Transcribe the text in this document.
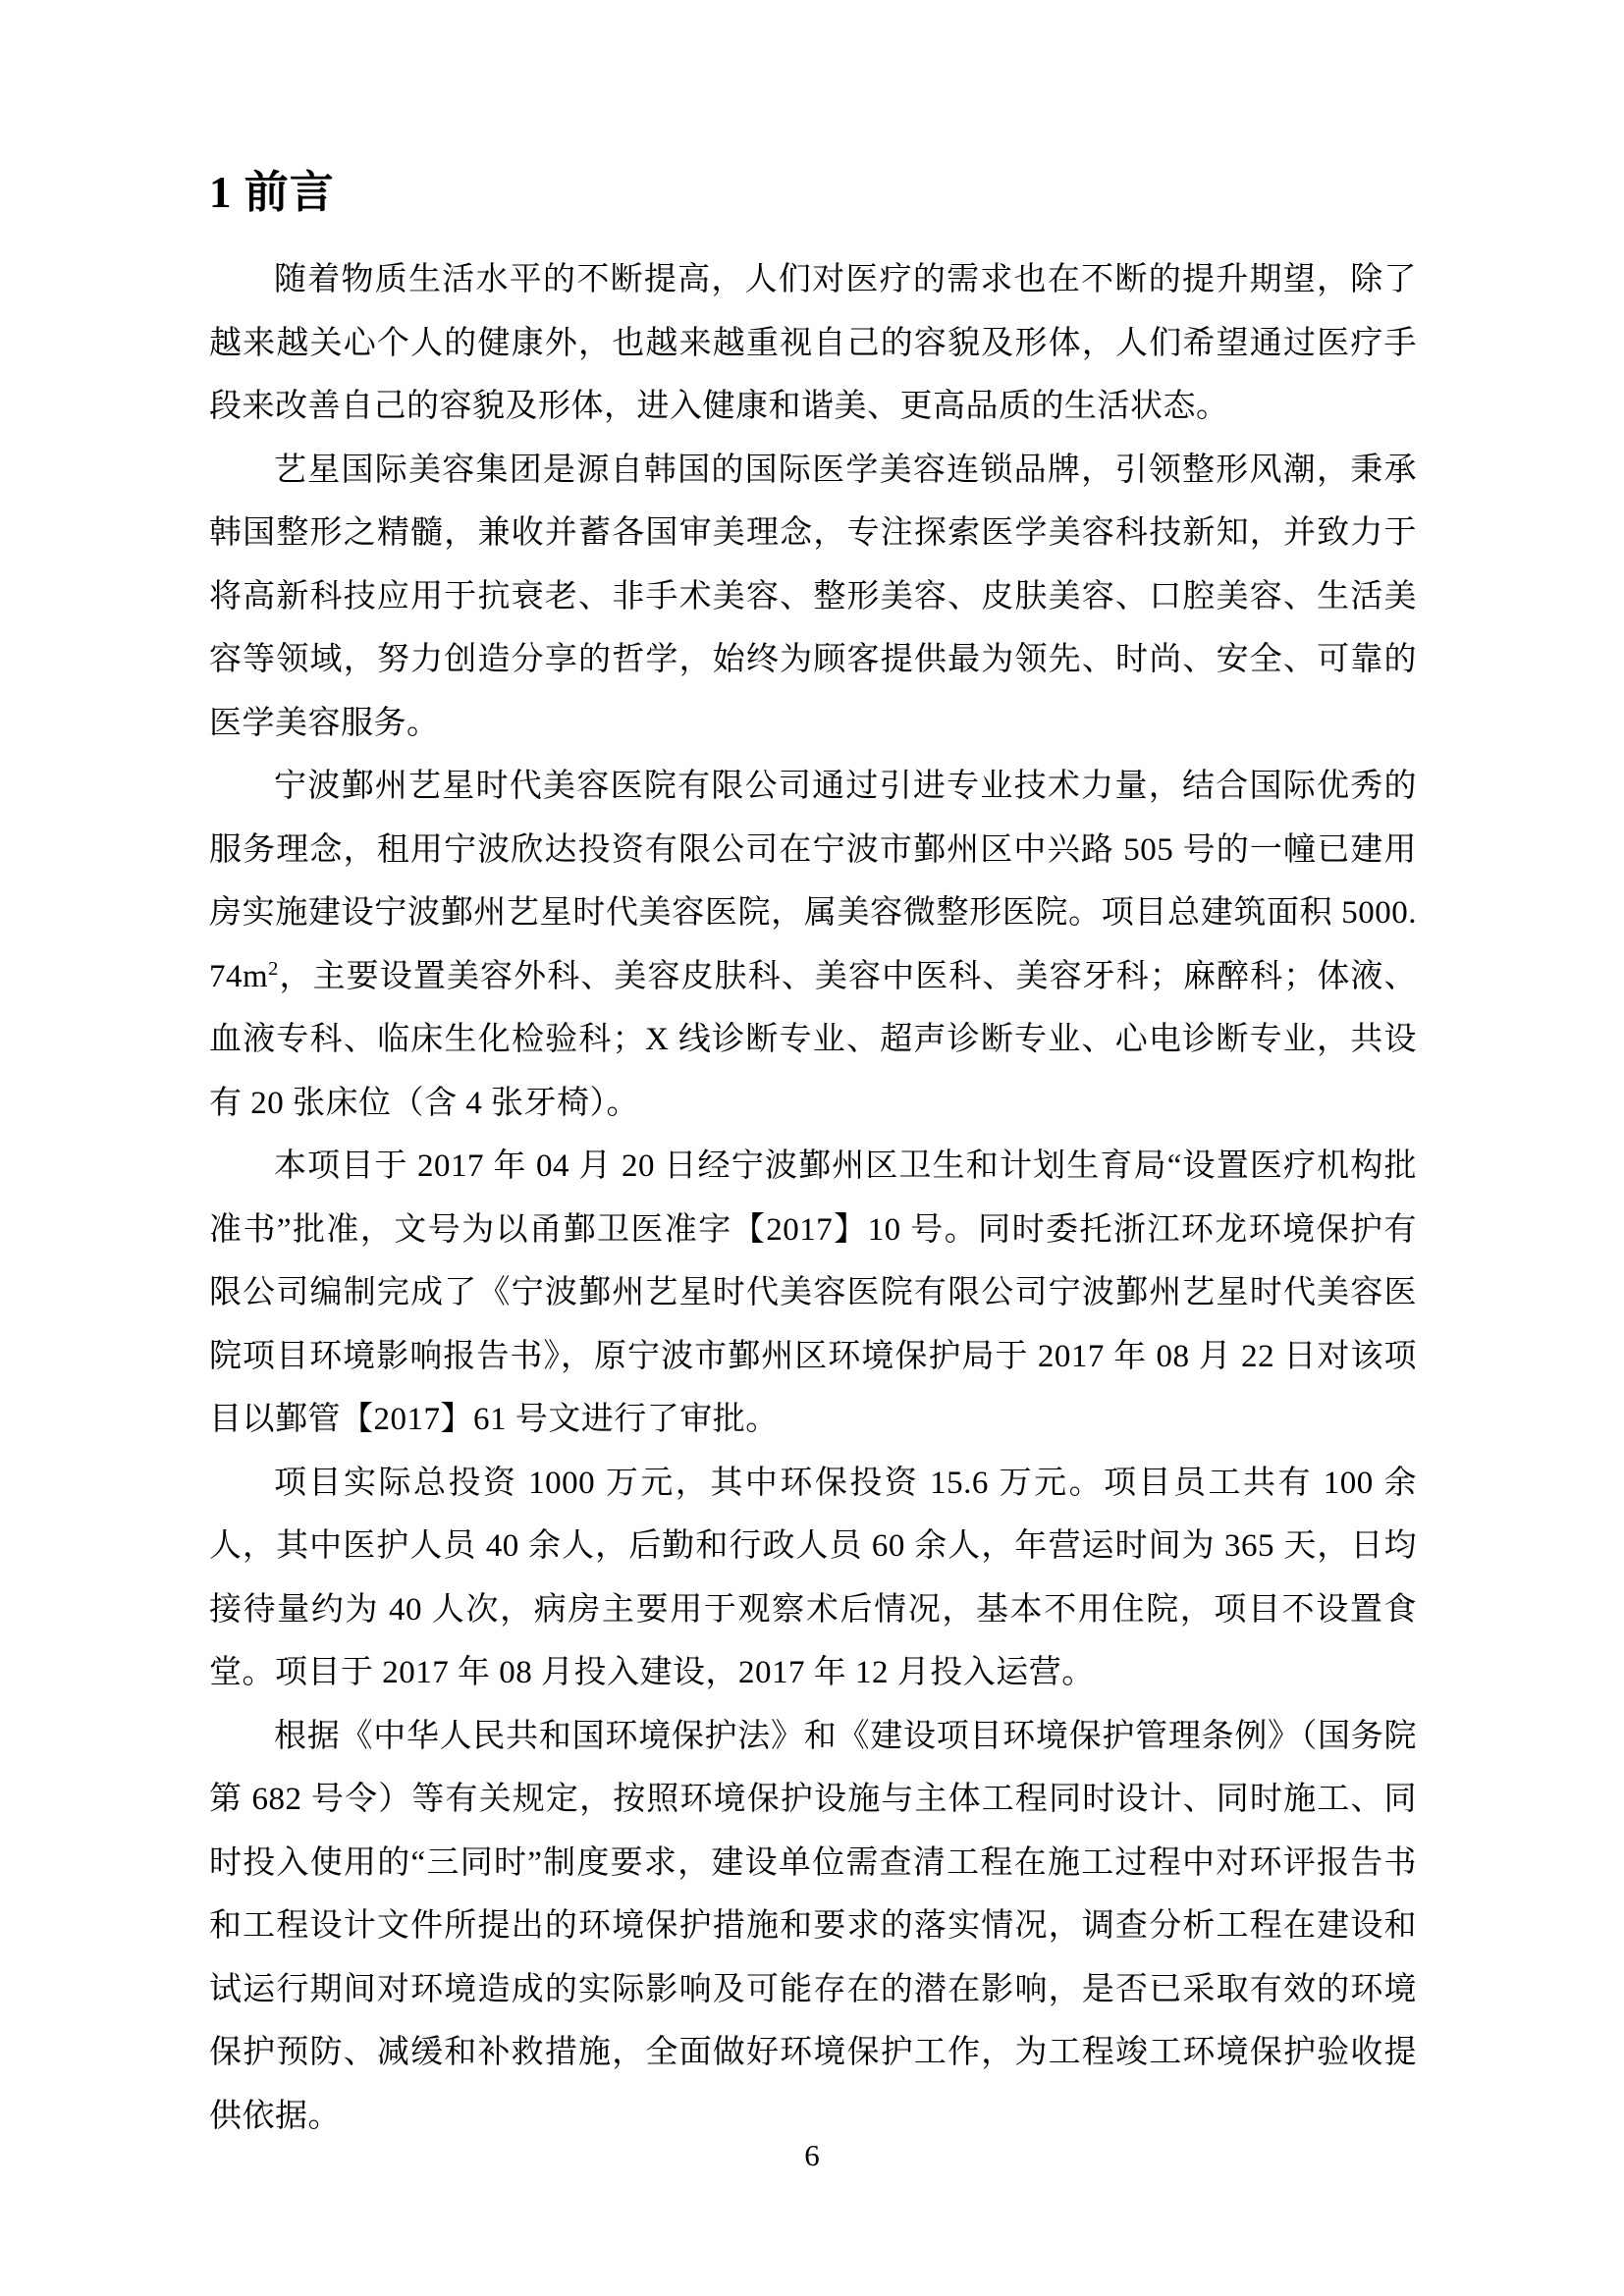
1 前言

随着物质生活水平的不断提高，人们对医疗的需求也在不断的提升期望，除了越来越关心个人的健康外，也越来越重视自己的容貌及形体，人们希望通过医疗手段来改善自己的容貌及形体，进入健康和谐美、更高品质的生活状态。

艺星国际美容集团是源自韩国的国际医学美容连锁品牌，引领整形风潮，秉承韩国整形之精髓，兼收并蓄各国审美理念，专注探索医学美容科技新知，并致力于将高新科技应用于抗衰老、非手术美容、整形美容、皮肤美容、口腔美容、生活美容等领域，努力创造分享的哲学，始终为顾客提供最为领先、时尚、安全、可靠的医学美容服务。

宁波鄞州艺星时代美容医院有限公司通过引进专业技术力量，结合国际优秀的服务理念，租用宁波欣达投资有限公司在宁波市鄞州区中兴路 505 号的一幢已建用房实施建设宁波鄞州艺星时代美容医院，属美容微整形医院。项目总建筑面积 $5000.74m^2$，主要设置美容外科、美容皮肤科、美容中医科、美容牙科；麻醉科；体液、血液专科、临床生化检验科；X 线诊断专业、超声诊断专业、心电诊断专业，共设有 20 张床位（含 4 张牙椅）。

本项目于 2017 年 04 月 20 日经宁波鄞州区卫生和计划生育局“设置医疗机构批准书”批准，文号为以甬鄞卫医准字【2017】10 号。同时委托浙江环龙环境保护有限公司编制完成了《宁波鄞州艺星时代美容医院有限公司宁波鄞州艺星时代美容医院项目环境影响报告书》，原宁波市鄞州区环境保护局于 2017 年 08 月 22 日对该项目以鄞管【2017】61 号文进行了审批。

项目实际总投资 1000 万元，其中环保投资 15.6 万元。项目员工共有 100 余人，其中医护人员 40 余人，后勤和行政人员 60 余人，年营运时间为 365 天，日均接待量约为 40 人次，病房主要用于观察术后情况，基本不用住院，项目不设置食堂。项目于 2017 年 08 月投入建设，2017 年 12 月投入运营。

根据《中华人民共和国环境保护法》和《建设项目环境保护管理条例》（国务院第 682 号令）等有关规定，按照环境保护设施与主体工程同时设计、同时施工、同时投入使用的“三同时”制度要求，建设单位需查清工程在施工过程中对环评报告书和工程设计文件所提出的环境保护措施和要求的落实情况，调查分析工程在建设和试运行期间对环境造成的实际影响及可能存在的潜在影响，是否已采取有效的环境保护预防、减缓和补救措施，全面做好环境保护工作，为工程竣工环境保护验收提供依据。

6
